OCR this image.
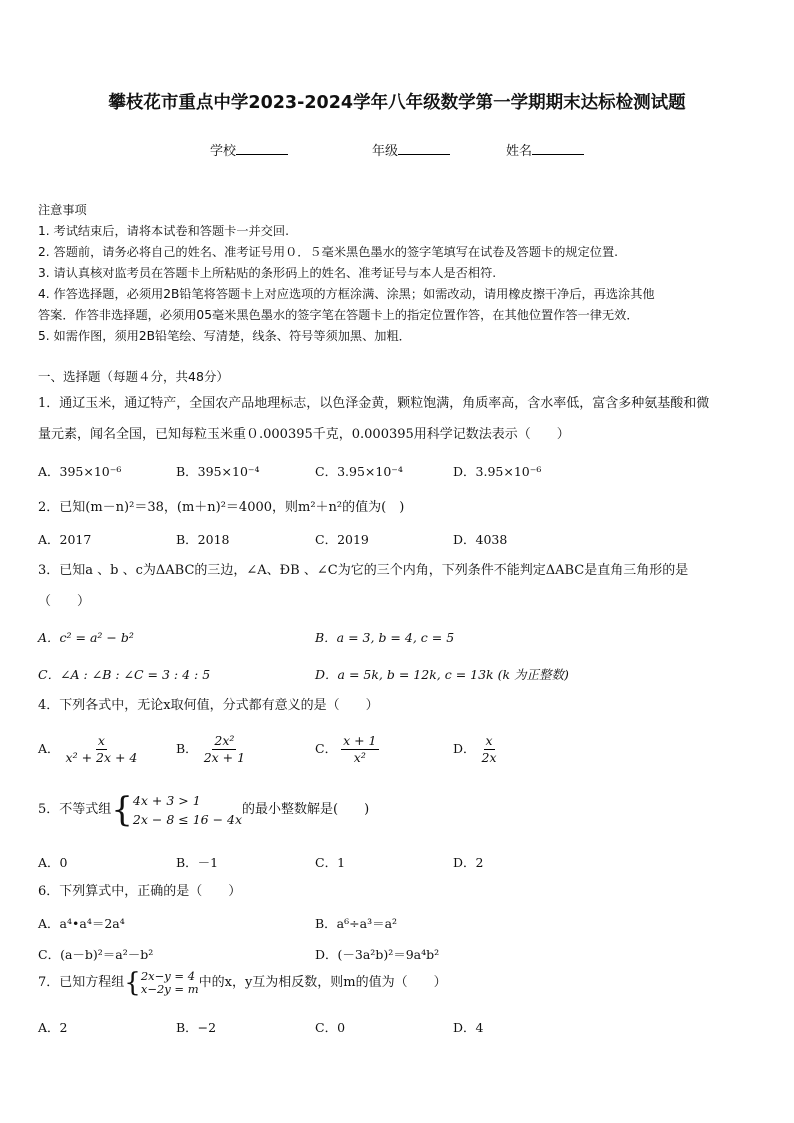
攀枝花市重点中学2023-2024学年八年级数学第一学期期末达标检测试题
学校	年级	姓名
注意事项
1. 考试结束后，请将本试卷和答题卡一并交回.
2. 答题前，请务必将自己的姓名、准考证号用０．５毫米黑色墨水的签字笔填写在试卷及答题卡的规定位置.
3. 请认真核对监考员在答题卡上所粘贴的条形码上的姓名、准考证号与本人是否相符.
4. 作答选择题，必须用2B铅笔将答题卡上对应选项的方框涂满、涂黑；如需改动，请用橡皮擦干净后，再选涂其他
答案．作答非选择题，必须用05毫米黑色墨水的签字笔在答题卡上的指定位置作答，在其他位置作答一律无效．
5. 如需作图，须用2B铅笔绘、写清楚，线条、符号等须加黑、加粗．
一、选择题（每题４分，共48分）
1．通辽玉米，通辽特产，全国农产品地理标志，以色泽金黄，颗粒饱满，角质率高，含水率低，富含多种氨基酸和微
量元素，闻名全国，已知每粒玉米重０.000395千克，0.000395用科学记数法表示（　　）
A．395×10⁻⁶	B．395×10⁻⁴	C．3.95×10⁻⁴	D．3.95×10⁻⁶
2．已知(m－n)²＝38，(m＋n)²＝4000，则m²＋n²的值为(　)
A．2017	B．2018	C．2019	D．4038
3．已知a 、b 、c为ΔABC的三边，∠A、ÐB 、∠C为它的三个内角，下列条件不能判定ΔABC是直角三角形的是
（　　）
A．c² = a² − b²	B．a = 3, b = 4, c = 5
C．∠A : ∠B : ∠C = 3 : 4 : 5	D．a = 5k, b = 12k, c = 13k (k 为正整数)
4．下列各式中，无论x取何值，分式都有意义的是（　　）
A． $\frac{x}{\text{x² + 2x + 4}}$	B． $\frac{\text{2x²}}{2x + 1}$	C． $\frac{x + 1}{\text{x²}}$	D． $\frac{x}{2x}$
5．不等式组{ 4x + 3 > 1
2x − 8 ≤ 16 − 4x
的最小整数解是(　　)
A．0	B．－1	C．1	D．2
6．下列算式中，正确的是（　　）
A．a⁴•a⁴＝2a⁴	B．a⁶÷a³＝a²
C．(a－b)²＝a²－b²	D．(－3a²b)²＝9a⁴b²
7．已知方程组{ 2x−y = 4
x−2y = m 中的x，y互为相反数，则m的值为（　　）
A．2	B．−2	C．0	D．4
